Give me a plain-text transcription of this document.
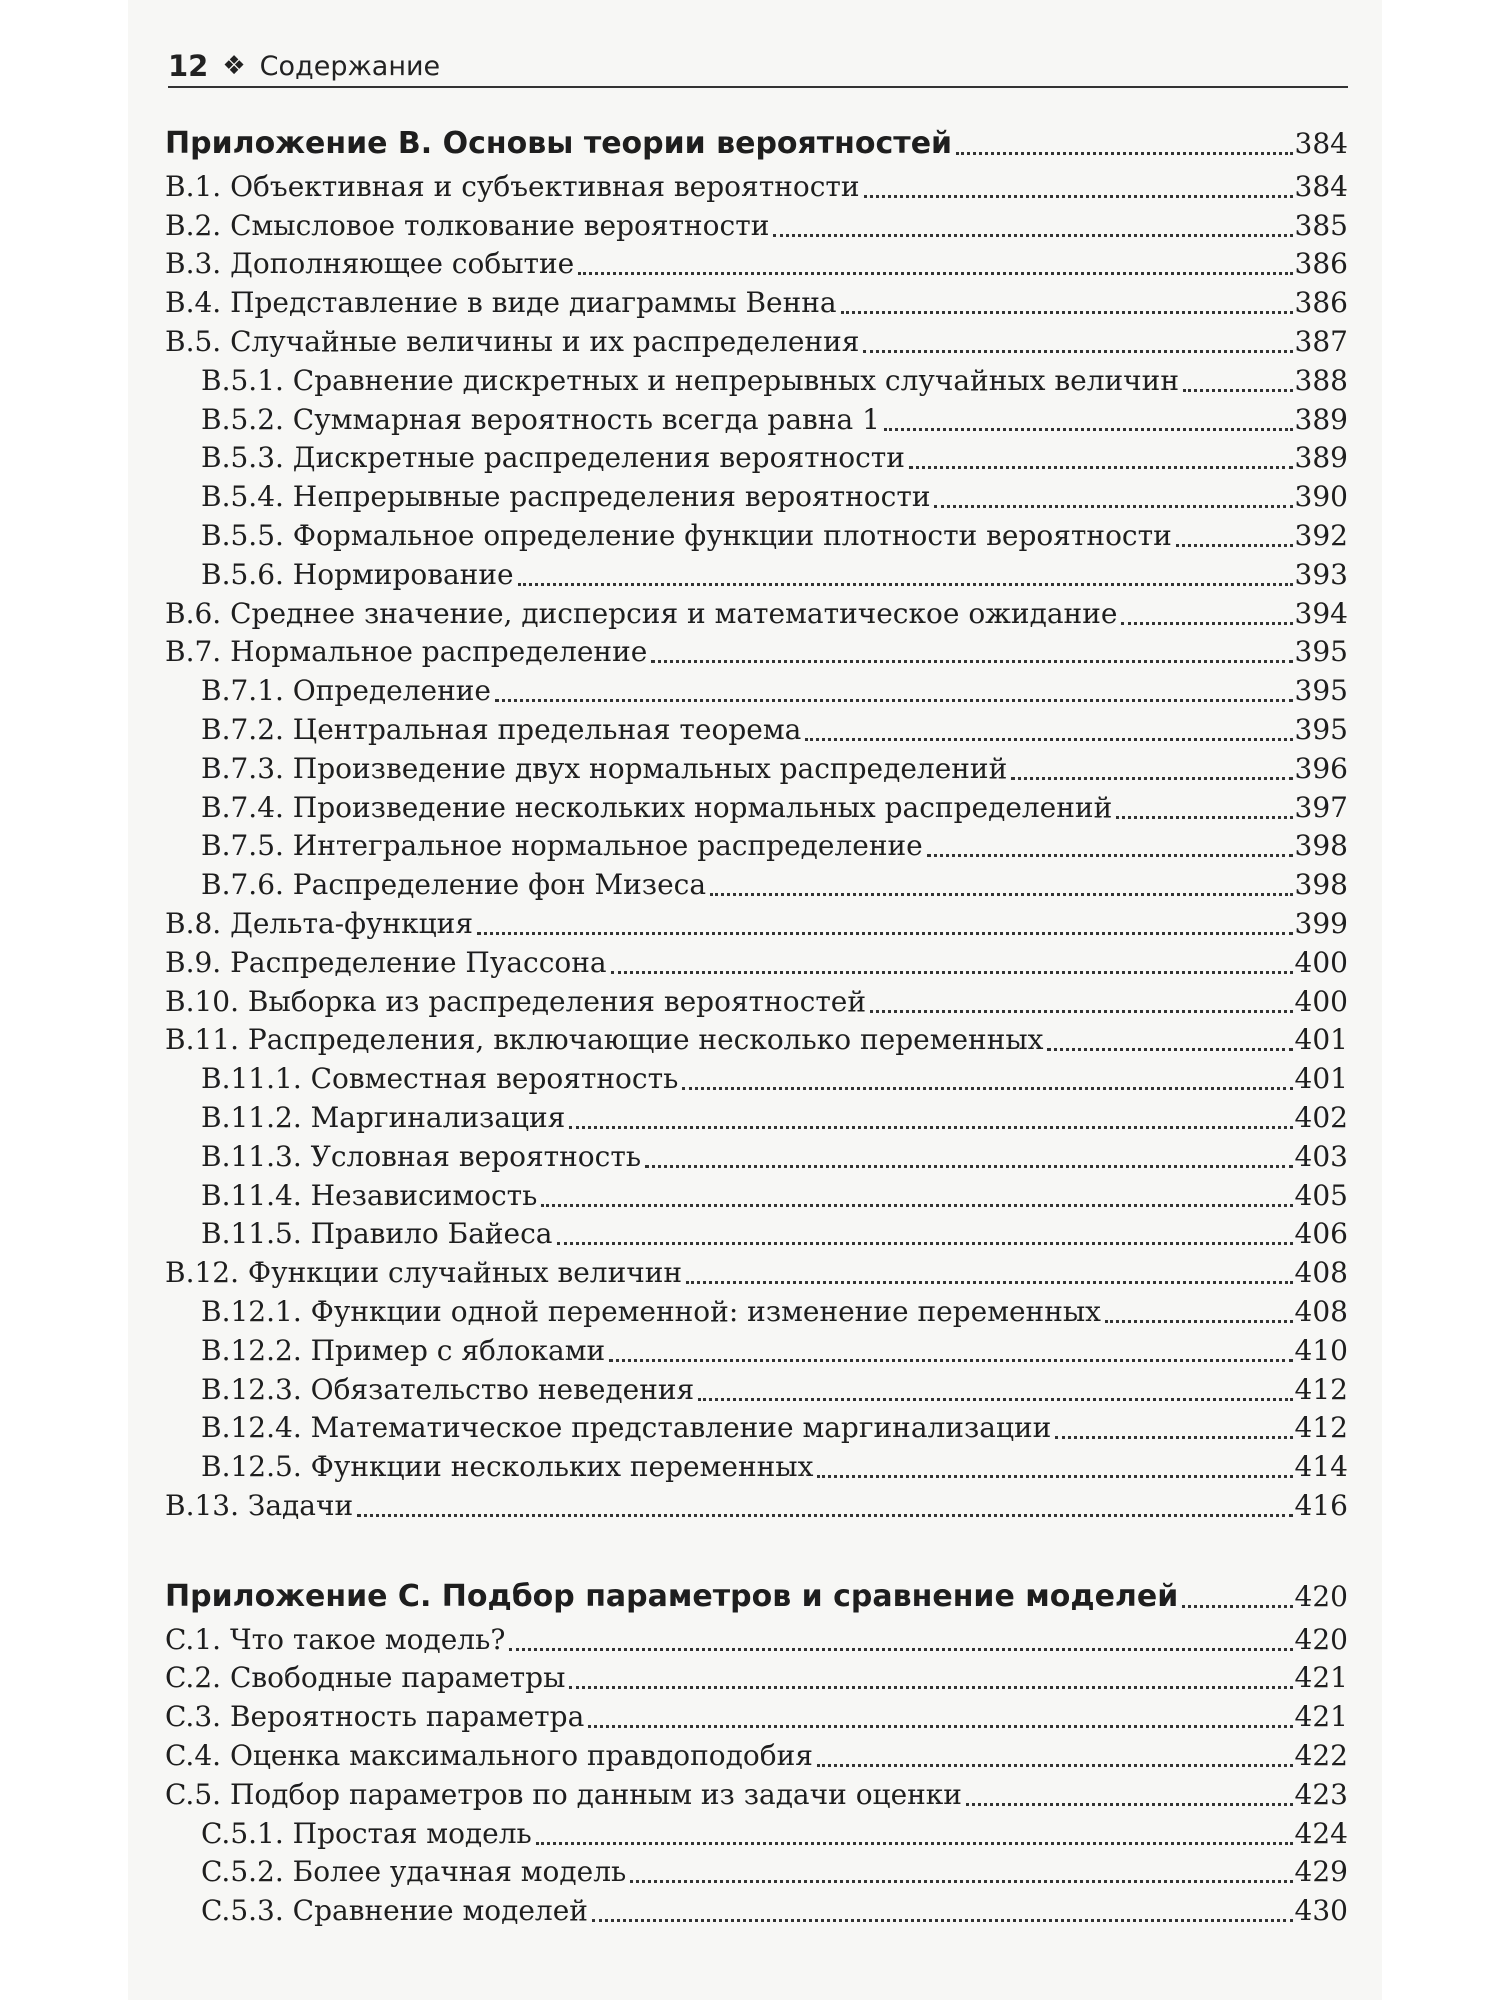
12 ❖ Содержание
Приложение B. Основы теории вероятностей	384
B.1. Объективная и субъективная вероятности	384
B.2. Смысловое толкование вероятности	385
B.3. Дополняющее событие	386
B.4. Представление в виде диаграммы Венна	386
B.5. Случайные величины и их распределения	387
B.5.1. Сравнение дискретных и непрерывных случайных величин	388
B.5.2. Суммарная вероятность всегда равна 1	389
B.5.3. Дискретные распределения вероятности	389
B.5.4. Непрерывные распределения вероятности	390
B.5.5. Формальное определение функции плотности вероятности	392
B.5.6. Нормирование	393
B.6. Среднее значение, дисперсия и математическое ожидание	394
B.7. Нормальное распределение	395
B.7.1. Определение	395
B.7.2. Центральная предельная теорема	395
B.7.3. Произведение двух нормальных распределений	396
B.7.4. Произведение нескольких нормальных распределений	397
B.7.5. Интегральное нормальное распределение	398
B.7.6. Распределение фон Мизеса	398
B.8. Дельта-функция	399
B.9. Распределение Пуассона	400
B.10. Выборка из распределения вероятностей	400
B.11. Распределения, включающие несколько переменных	401
B.11.1. Совместная вероятность	401
B.11.2. Маргинализация	402
B.11.3. Условная вероятность	403
B.11.4. Независимость	405
B.11.5. Правило Байеса	406
B.12. Функции случайных величин	408
B.12.1. Функции одной переменной: изменение переменных	408
B.12.2. Пример с яблоками	410
B.12.3. Обязательство неведения	412
B.12.4. Математическое представление маргинализации	412
B.12.5. Функции нескольких переменных	414
B.13. Задачи	416
Приложение C. Подбор параметров и сравнение моделей	420
C.1. Что такое модель?	420
C.2. Свободные параметры	421
C.3. Вероятность параметра	421
C.4. Оценка максимального правдоподобия	422
C.5. Подбор параметров по данным из задачи оценки	423
C.5.1. Простая модель	424
C.5.2. Более удачная модель	429
C.5.3. Сравнение моделей	430
